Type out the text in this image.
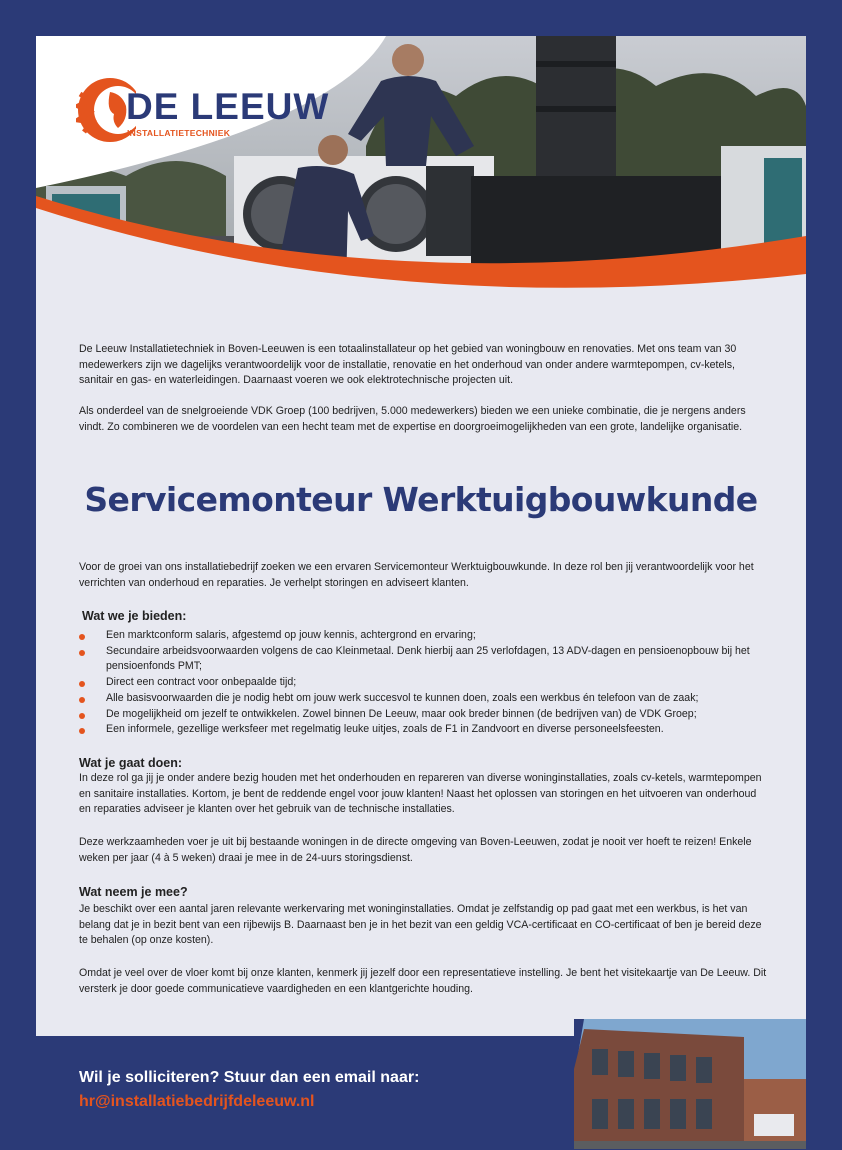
DE LEEUW
INSTALLATIETECHNIEK

De Leeuw Installatietechniek in Boven-Leeuwen is een totaalinstallateur op het gebied van woningbouw en renovaties. Met ons team van 30 medewerkers zijn we dagelijks verantwoordelijk voor de installatie, renovatie en het onderhoud van onder andere warmtepompen, cv-ketels, sanitair en gas- en waterleidingen. Daarnaast voeren we ook elektrotechnische projecten uit.

Als onderdeel van de snelgroeiende VDK Groep (100 bedrijven, 5.000 medewerkers) bieden we een unieke combinatie, die je nergens anders vindt. Zo combineren we de voordelen van een hecht team met de expertise en doorgroeimogelijkheden van een grote, landelijke organisatie.

Servicemonteur Werktuigbouwkunde

Voor de groei van ons installatiebedrijf zoeken we een ervaren Servicemonteur Werktuigbouwkunde. In deze rol ben jij verantwoordelijk voor het verrichten van onderhoud en reparaties. Je verhelpt storingen en adviseert klanten.

Wat we je bieden:
Een marktconform salaris, afgestemd op jouw kennis, achtergrond en ervaring;
Secundaire arbeidsvoorwaarden volgens de cao Kleinmetaal. Denk hierbij aan 25 verlofdagen, 13 ADV-dagen en pensioenopbouw bij het pensioenfonds PMT;
Direct een contract voor onbepaalde tijd;
Alle basisvoorwaarden die je nodig hebt om jouw werk succesvol te kunnen doen, zoals een werkbus én telefoon van de zaak;
De mogelijkheid om jezelf te ontwikkelen. Zowel binnen De Leeuw, maar ook breder binnen (de bedrijven van) de VDK Groep;
Een informele, gezellige werksfeer met regelmatig leuke uitjes, zoals de F1 in Zandvoort en diverse personeelsfeesten.
Wat je gaat doen:

In deze rol ga jij je onder andere bezig houden met het onderhouden en repareren van diverse woninginstallaties, zoals cv-ketels, warmtepompen en sanitaire installaties. Kortom, je bent de reddende engel voor jouw klanten! Naast het oplossen van storingen en het uitvoeren van onderhoud en reparaties adviseer je klanten over het gebruik van de technische installaties.

Deze werkzaamheden voer je uit bij bestaande woningen in de directe omgeving van Boven-Leeuwen, zodat je nooit ver hoeft te reizen! Enkele weken per jaar (4 à 5 weken) draai je mee in de 24-uurs storingsdienst.

Wat neem je mee?

Je beschikt over een aantal jaren relevante werkervaring met woninginstallaties. Omdat je zelfstandig op pad gaat met een werkbus, is het van belang dat je in bezit bent van een rijbewijs B. Daarnaast ben je in het bezit van een geldig VCA-certificaat en CO-certificaat of ben je bereid deze te behalen (op onze kosten).

Omdat je veel over de vloer komt bij onze klanten, kenmerk jij jezelf door een representatieve instelling. Je bent het visitekaartje van De Leeuw. Dit versterk je door goede communicatieve vaardigheden en een klantgerichte houding.

Wil je solliciteren? Stuur dan een email naar:

hr@installatiebedrijfdeleeuw.nl
